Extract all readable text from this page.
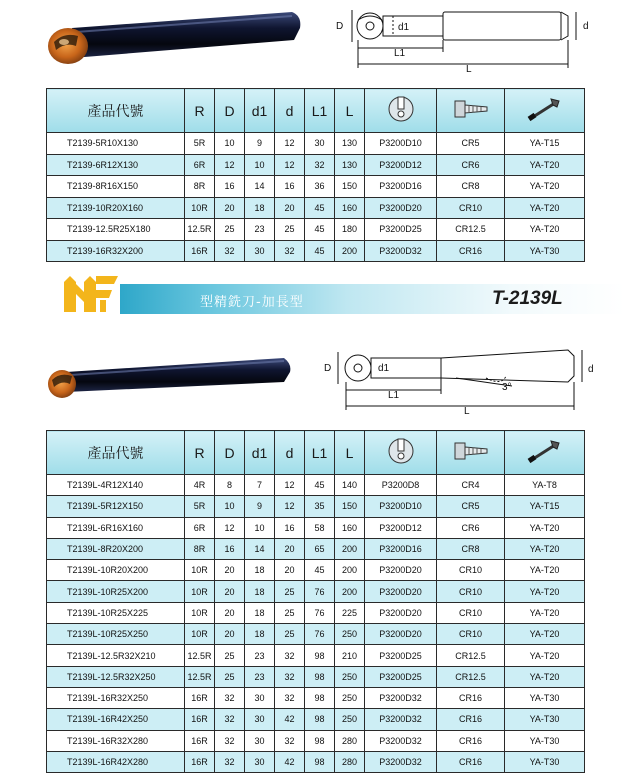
D	d1	d
L1
L
產品代號	R	D	d1	d	L1	L			
T2139-5R10X130	5R	10	9	12	30	130	P3200D10	CR5	YA-T15
T2139-6R12X130	6R	12	10	12	32	130	P3200D12	CR6	YA-T20
T2139-8R16X150	8R	16	14	16	36	150	P3200D16	CR8	YA-T20
T2139-10R20X160	10R	20	18	20	45	160	P3200D20	CR10	YA-T20
T2139-12.5R25X180	12.5R	25	23	25	45	180	P3200D25	CR12.5	YA-T20
T2139-16R32X200	16R	32	30	32	45	200	P3200D32	CR16	YA-T30
型精銑刀-加長型	T-2139L
D	d1	d
3°
L1
L
產品代號	R	D	d1	d	L1	L			
T2139L-4R12X140	4R	8	7	12	45	140	P3200D8	CR4	YA-T8
T2139L-5R12X150	5R	10	9	12	35	150	P3200D10	CR5	YA-T15
T2139L-6R16X160	6R	12	10	16	58	160	P3200D12	CR6	YA-T20
T2139L-8R20X200	8R	16	14	20	65	200	P3200D16	CR8	YA-T20
T2139L-10R20X200	10R	20	18	20	45	200	P3200D20	CR10	YA-T20
T2139L-10R25X200	10R	20	18	25	76	200	P3200D20	CR10	YA-T20
T2139L-10R25X225	10R	20	18	25	76	225	P3200D20	CR10	YA-T20
T2139L-10R25X250	10R	20	18	25	76	250	P3200D20	CR10	YA-T20
T2139L-12.5R32X210	12.5R	25	23	32	98	210	P3200D25	CR12.5	YA-T20
T2139L-12.5R32X250	12.5R	25	23	32	98	250	P3200D25	CR12.5	YA-T20
T2139L-16R32X250	16R	32	30	32	98	250	P3200D32	CR16	YA-T30
T2139L-16R42X250	16R	32	30	42	98	250	P3200D32	CR16	YA-T30
T2139L-16R32X280	16R	32	30	32	98	280	P3200D32	CR16	YA-T30
T2139L-16R42X280	16R	32	30	42	98	280	P3200D32	CR16	YA-T30
